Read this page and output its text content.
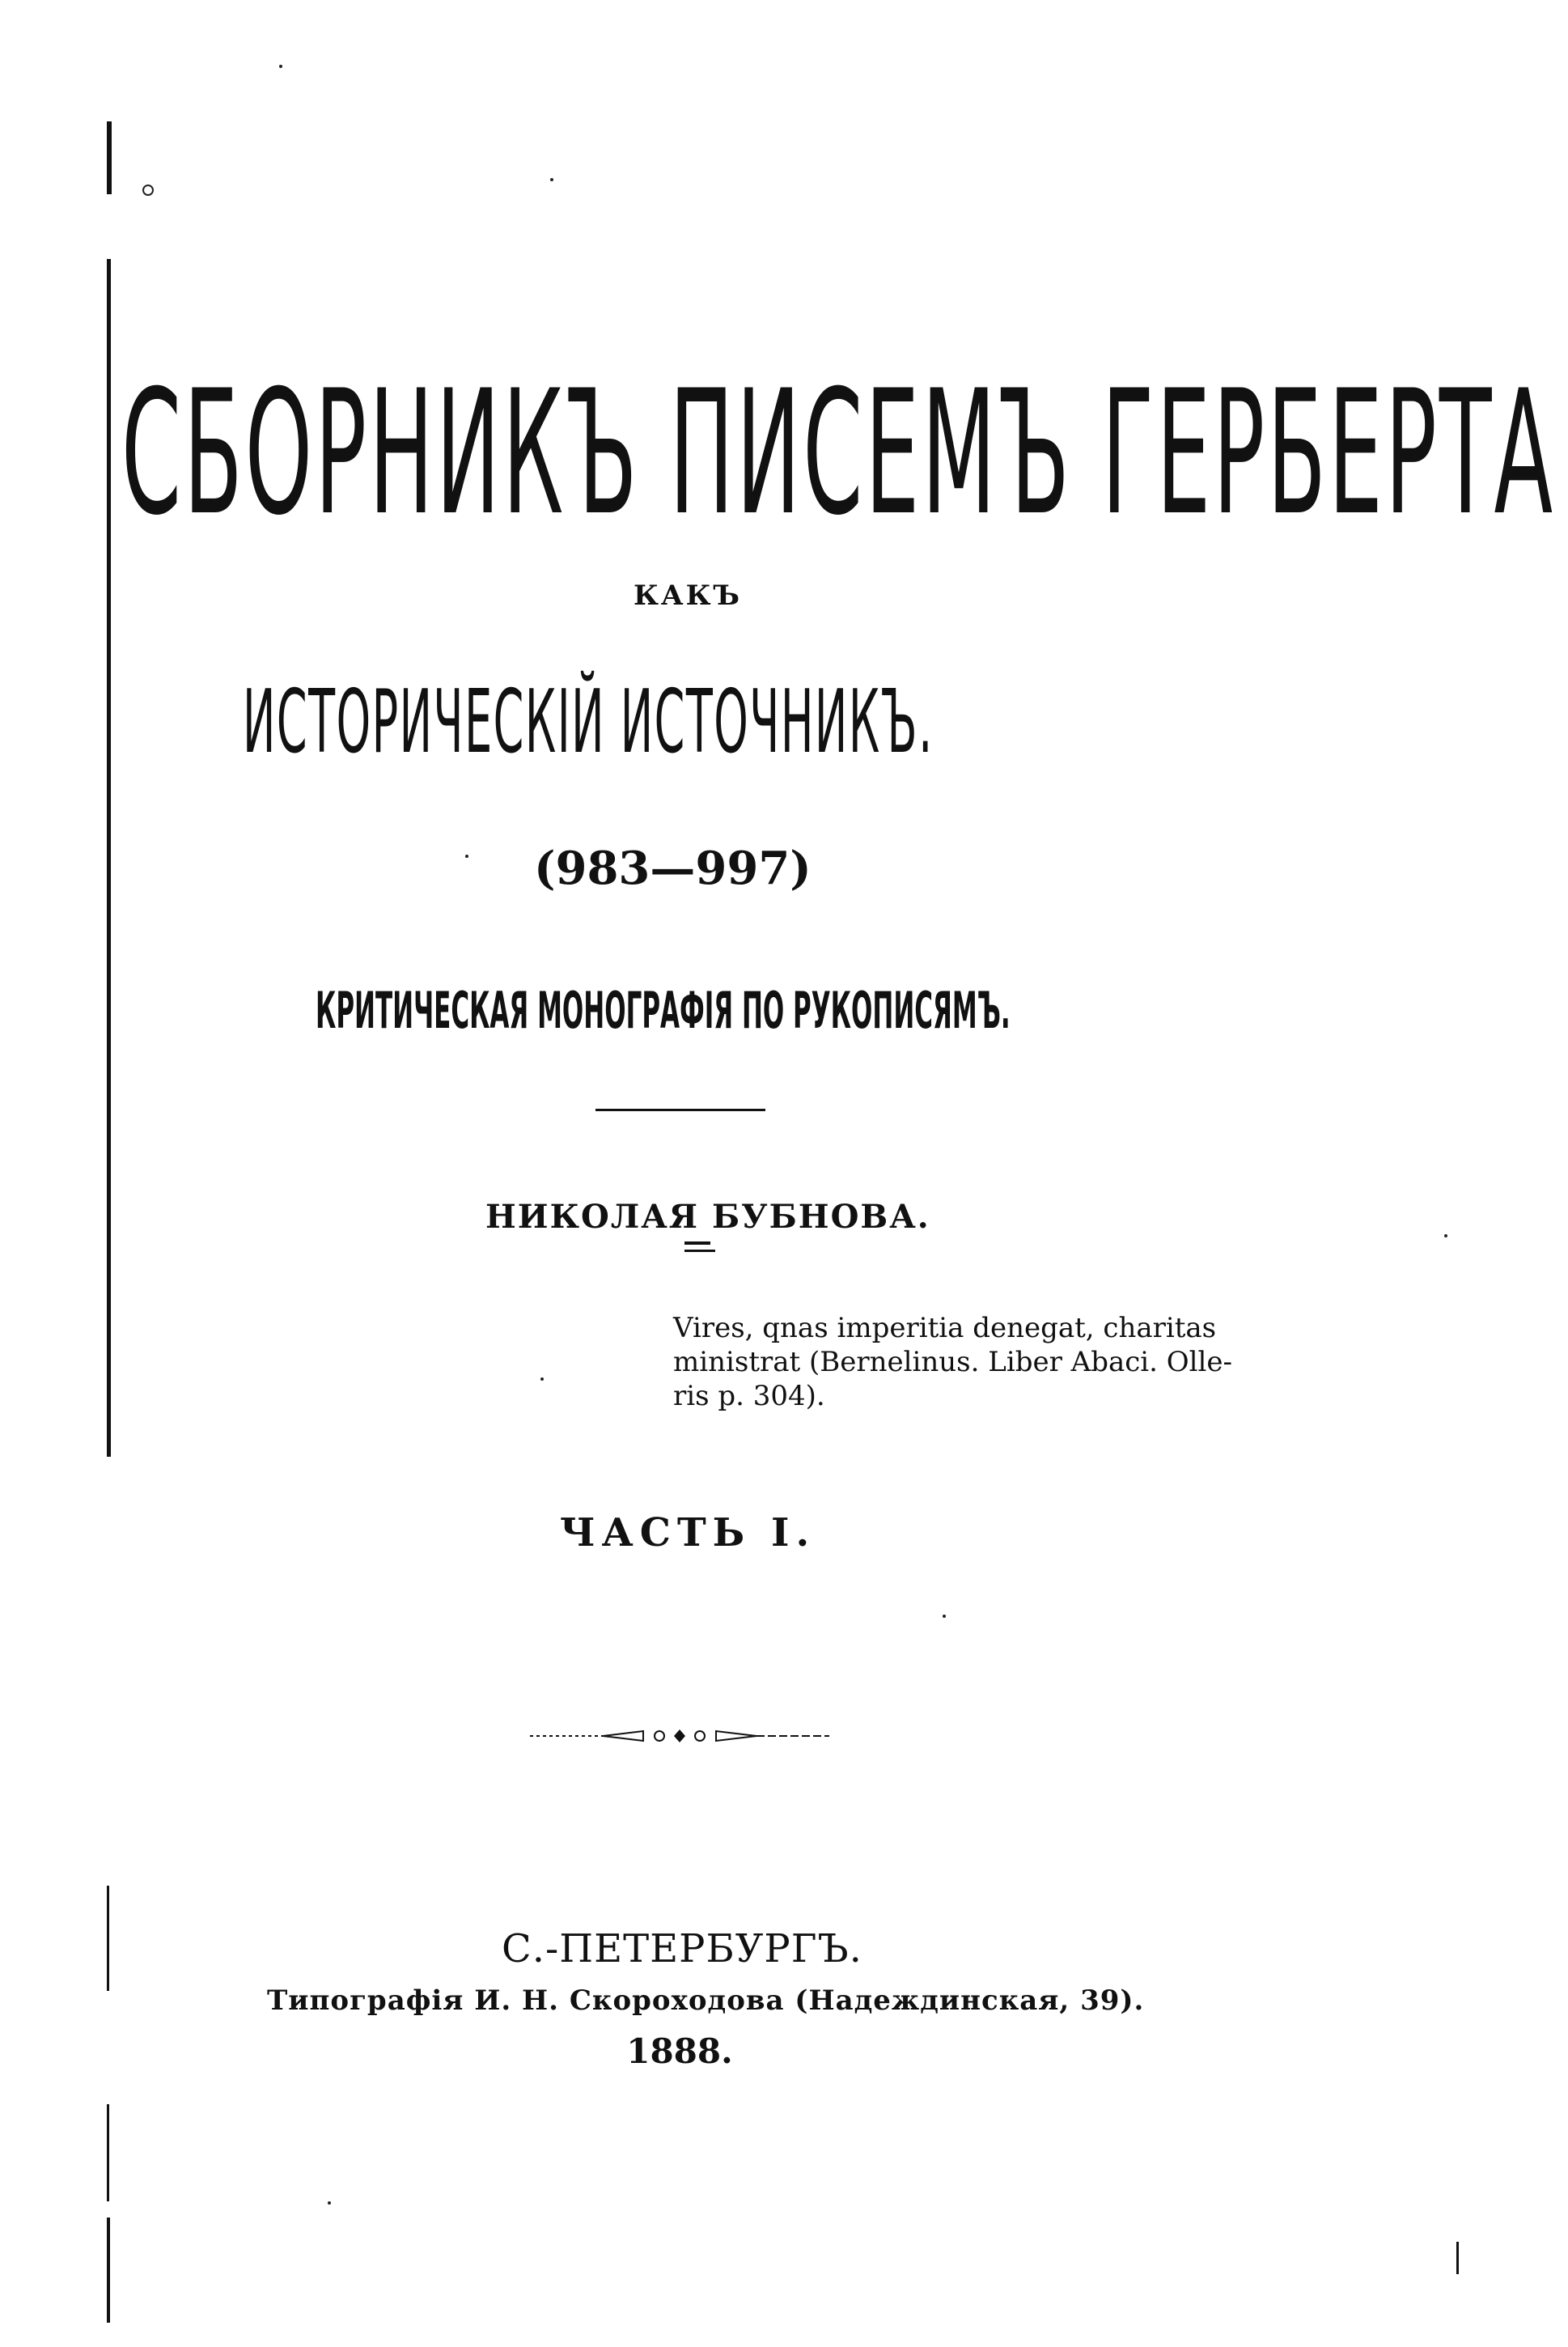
СБОРНИКЪ ПИСЕМЪ ГЕРБЕРТА
КАКЪ
ИСТОРИЧЕСКІЙ ИСТОЧНИКЪ.
(983—997)
КРИТИЧЕСКАЯ МОНОГРАФІЯ ПО РУКОПИСЯМЪ.
НИКОЛАЯ БУБНОВА.
Vires, qnas imperitia denegat, charitas
ministrat (Bernelinus. Liber Abaci. Olle-
ris p. 304).
ЧАСТЬ I.
С.-ПЕТЕРБУРГЪ.
Типографія И. Н. Скороходова (Надеждинская, 39).
1888.
